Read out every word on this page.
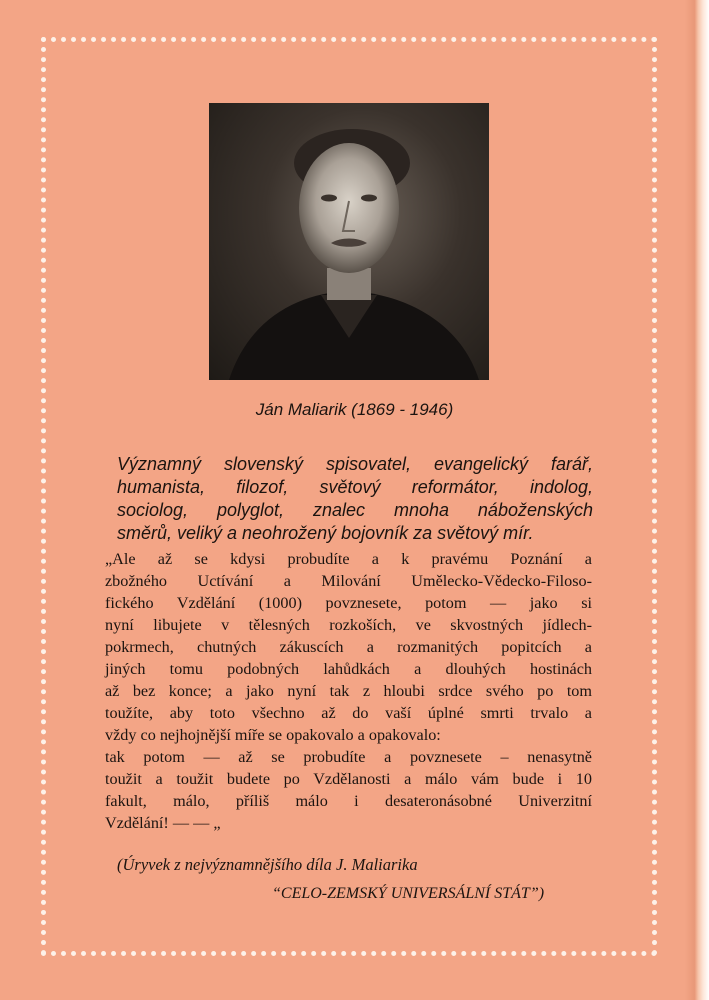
Ján Maliarik (1869 - 1946)
Významný slovenský spisovatel, evangelický farář,
humanista, filozof, světový reformátor, indolog,
sociolog, polyglot, znalec mnoha náboženských
směrů, veliký a neohrožený bojovník za světový mír.
„Ale až se kdysi probudíte a k pravému Poznání a
zbožného Uctívání a Milování Umělecko-Vědecko-Filoso-
fického Vzdělání (1000) povznesete, potom — jako si
nyní libujete v tělesných rozkoších, ve skvostných jídlech-
pokrmech, chutných zákuscích a rozmanitých popitcích a
jiných tomu podobných lahůdkách a dlouhých hostinách
až bez konce; a jako nyní tak z hloubi srdce svého po tom
toužíte, aby toto všechno až do vaší úplné smrti trvalo a
vždy co nejhojnější míře se opakovalo a opakovalo:
tak potom — až se probudíte a povznesete – nenasytně
toužit a toužit budete po Vzdělanosti a málo vám bude i 10
fakult, málo, příliš málo i desateronásobné Univerzitní
Vzdělání! — — „
(Úryvek z nejvýznamnějšího díla J. Maliarika
“CELO-ZEMSKÝ UNIVERSÁLNÍ STÁT”)
